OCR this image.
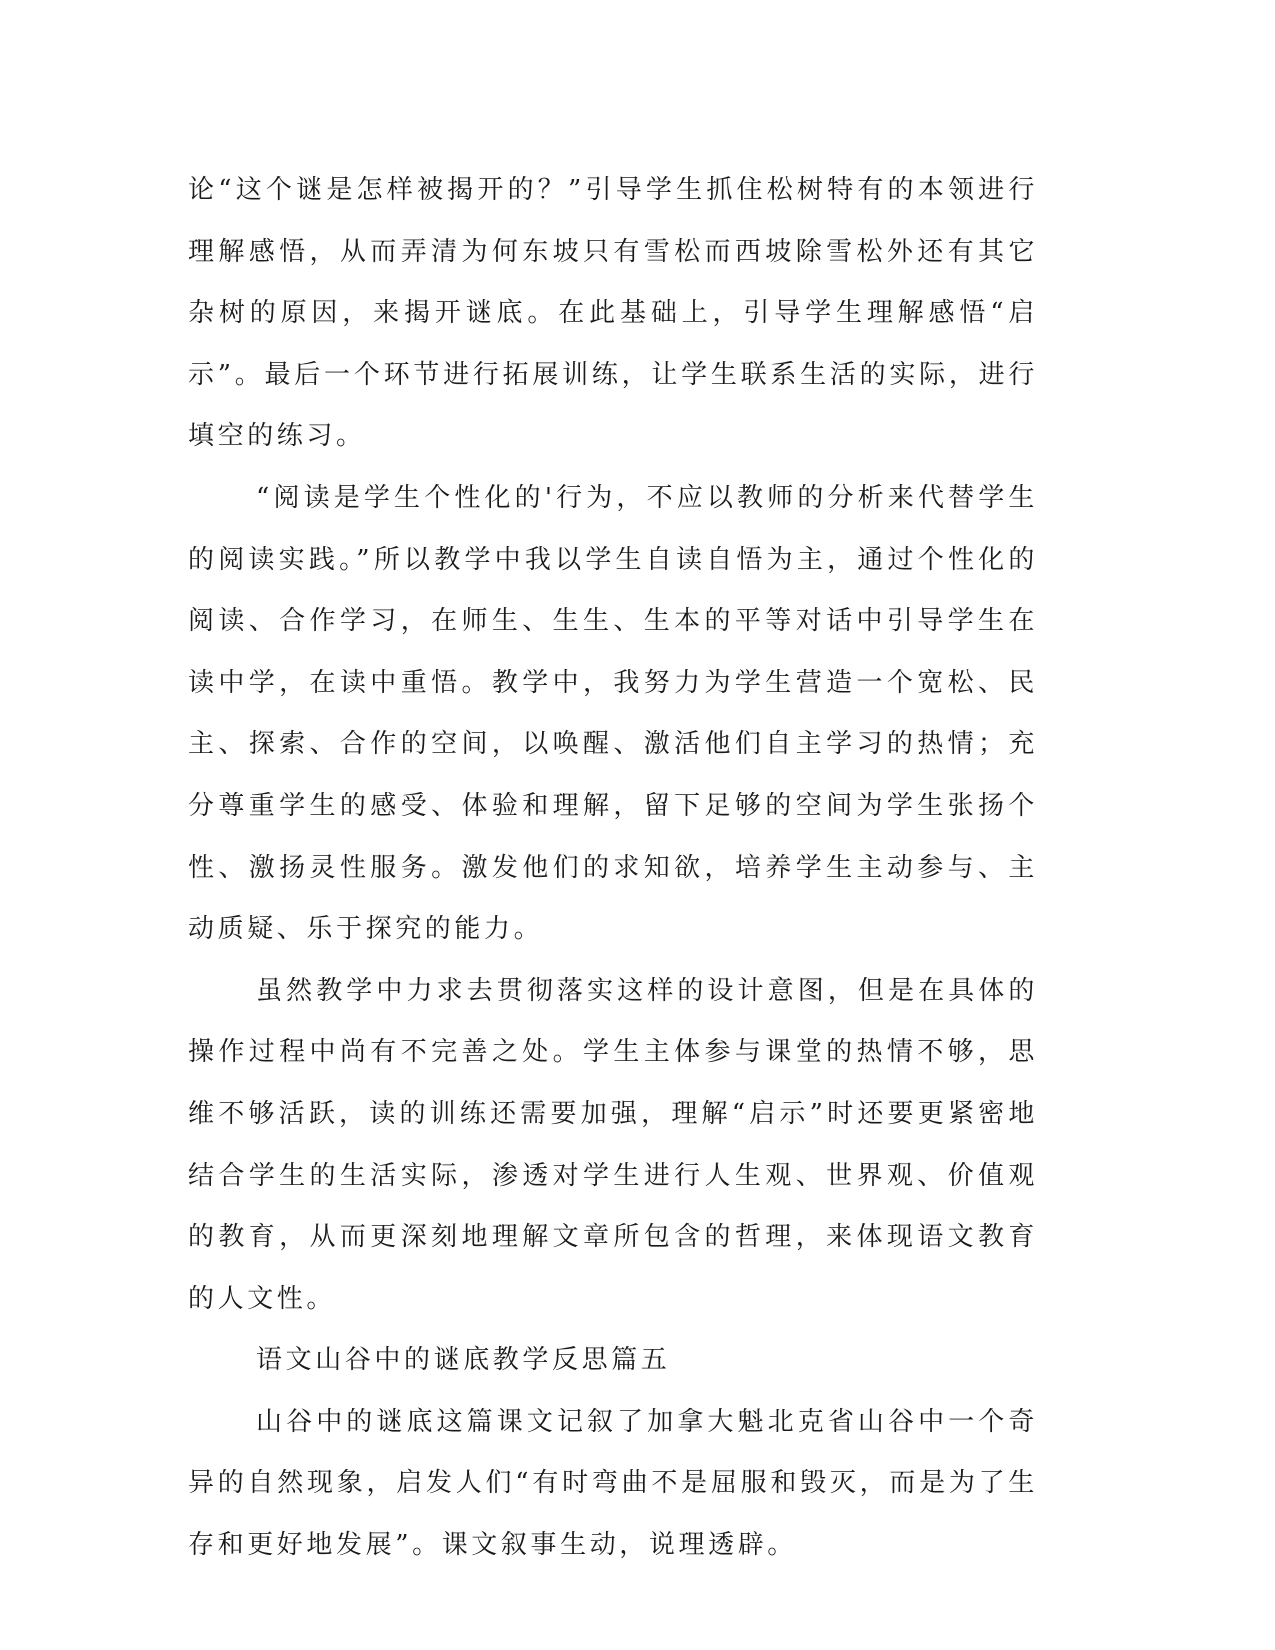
论“这个谜是怎样被揭开的？”引导学生抓住松树特有的本领进行理解感悟，从而弄清为何东坡只有雪松而西坡除雪松外还有其它杂树的原因，来揭开谜底。在此基础上，引导学生理解感悟“启示”。最后一个环节进行拓展训练，让学生联系生活的实际，进行填空的练习。

“阅读是学生个性化的'行为，不应以教师的分析来代替学生的阅读实践。”所以教学中我以学生自读自悟为主，通过个性化的阅读、合作学习，在师生、生生、生本的平等对话中引导学生在读中学，在读中重悟。教学中，我努力为学生营造一个宽松、民主、探索、合作的空间，以唤醒、激活他们自主学习的热情；充分尊重学生的感受、体验和理解，留下足够的空间为学生张扬个性、激扬灵性服务。激发他们的求知欲，培养学生主动参与、主动质疑、乐于探究的能力。

虽然教学中力求去贯彻落实这样的设计意图，但是在具体的操作过程中尚有不完善之处。学生主体参与课堂的热情不够，思维不够活跃，读的训练还需要加强，理解“启示”时还要更紧密地结合学生的生活实际，渗透对学生进行人生观、世界观、价值观的教育，从而更深刻地理解文章所包含的哲理，来体现语文教育的人文性。

语文山谷中的谜底教学反思篇五

山谷中的谜底这篇课文记叙了加拿大魁北克省山谷中一个奇异的自然现象，启发人们“有时弯曲不是屈服和毁灭，而是为了生存和更好地发展”。课文叙事生动，说理透辟。
